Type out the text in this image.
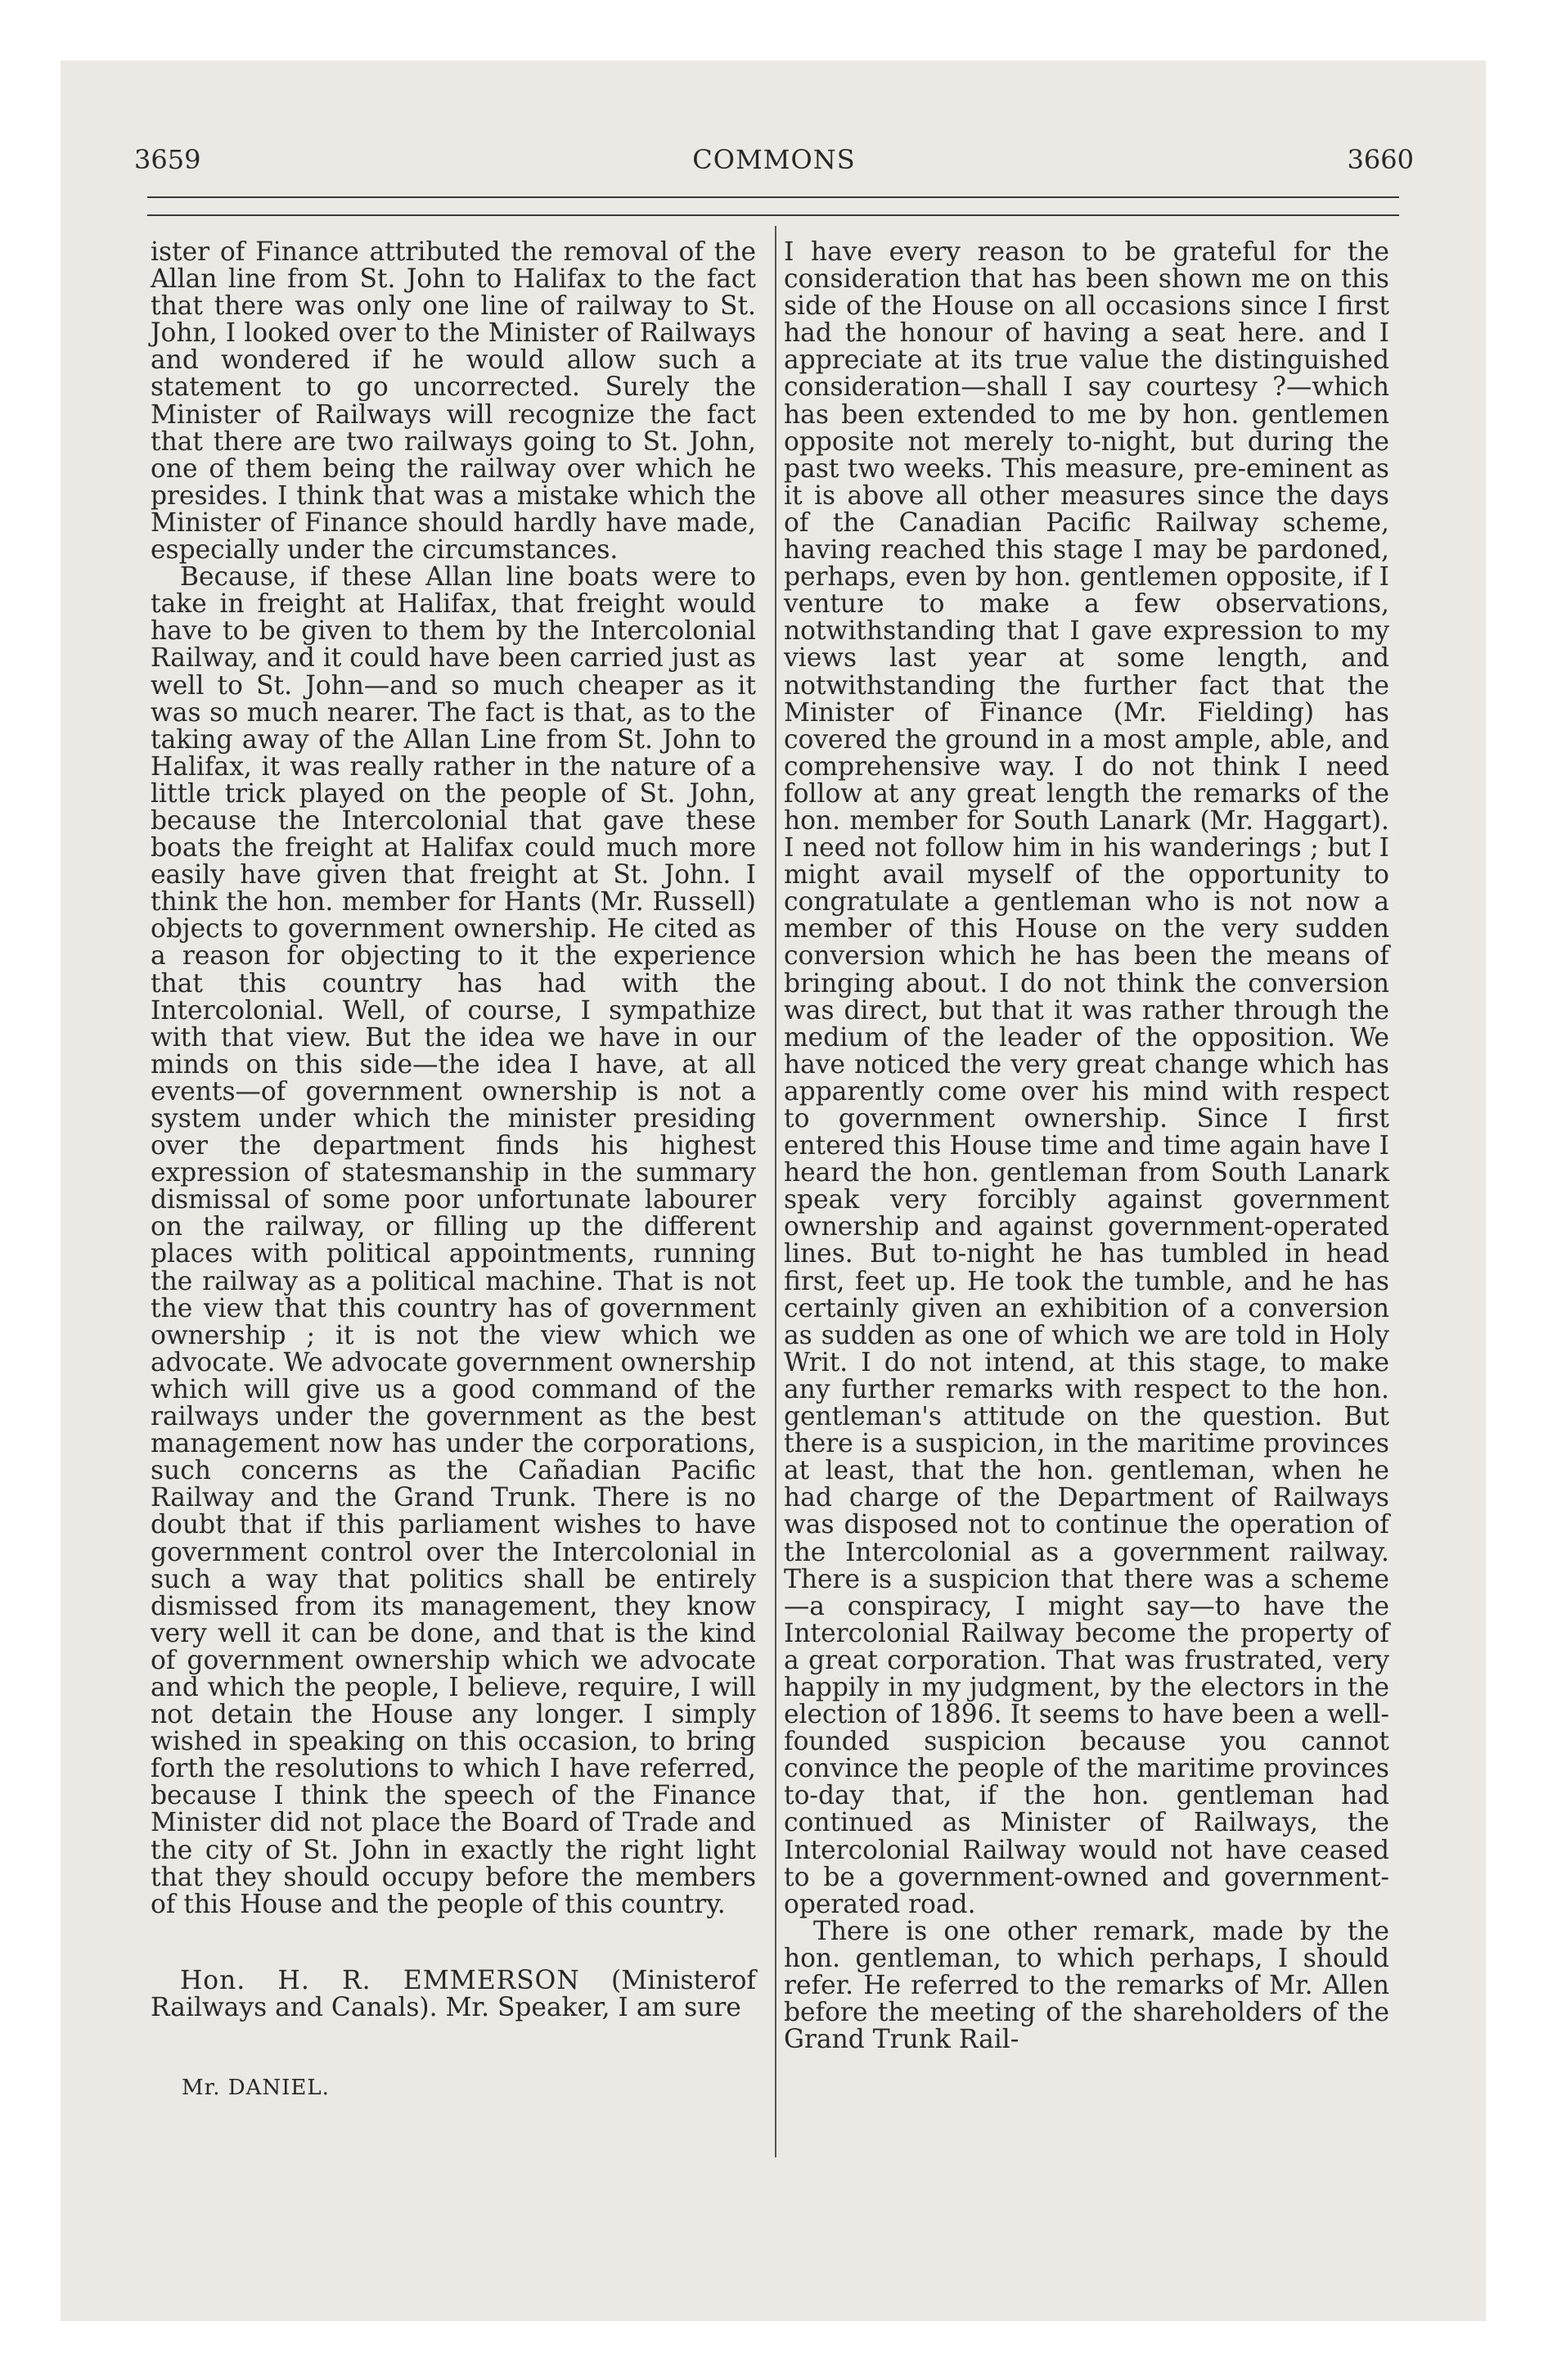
3659	COMMONS	3660

ister of Finance attributed the removal of the Allan line from St. John to Halifax to the fact that there was only one line of railway to St. John, I looked over to the Minister of Railways and wondered if he would allow such a statement to go uncorrected. Surely the Minister of Railways will recognize the fact that there are two railways going to St. John, one of them being the railway over which he presides. I think that was a mistake which the Minister of Finance should hardly have made, especially under the circumstances.

Because, if these Allan line boats were to take in freight at Halifax, that freight would have to be given to them by the Intercolonial Railway, and it could have been carried just as well to St. John—and so much cheaper as it was so much nearer. The fact is that, as to the taking away of the Allan Line from St. John to Halifax, it was really rather in the nature of a little trick played on the people of St. John, because the Intercolonial that gave these boats the freight at Halifax could much more easily have given that freight at St. John. I think the hon. member for Hants (Mr. Russell) objects to government ownership. He cited as a reason for objecting to it the experience that this country has had with the Intercolonial. Well, of course, I sympathize with that view. But the idea we have in our minds on this side—the idea I have, at all events—of government ownership is not a system under which the minister presiding over the department finds his highest expression of statesmanship in the summary dismissal of some poor unfortunate labourer on the railway, or filling up the different places with political appointments, running the railway as a political machine. That is not the view that this country has of government ownership ; it is not the view which we advocate. We advocate government ownership which will give us a good command of the railways under the government as the best management now has under the corporations, such concerns as the Cañadian Pacific Railway and the Grand Trunk. There is no doubt that if this parliament wishes to have government control over the Intercolonial in such a way that politics shall be entirely dismissed from its management, they know very well it can be done, and that is the kind of government ownership which we advocate and which the people, I believe, require, I will not detain the House any longer. I simply wished in speaking on this occasion, to bring forth the resolutions to which I have referred, because I think the speech of the Finance Minister did not place the Board of Trade and the city of St. John in exactly the right light that they should occupy before the members of this House and the people of this country.

Hon. H. R. EMMERSON (Ministerof Railways and Canals). Mr. Speaker, I am sure

Mr. DANIEL.

I have every reason to be grateful for the consideration that has been shown me on this side of the House on all occasions since I first had the honour of having a seat here. and I appreciate at its true value the distinguished consideration—shall I say courtesy ?—which has been extended to me by hon. gentlemen opposite not merely to-night, but during the past two weeks. This measure, pre-eminent as it is above all other measures since the days of the Canadian Pacific Railway scheme, having reached this stage I may be pardoned, perhaps, even by hon. gentlemen opposite, if I venture to make a few observations, notwithstanding that I gave expression to my views last year at some length, and notwithstanding the further fact that the Minister of Finance (Mr. Fielding) has covered the ground in a most ample, able, and comprehensive way. I do not think I need follow at any great length the remarks of the hon. member for South Lanark (Mr. Haggart). I need not follow him in his wanderings ; but I might avail myself of the opportunity to congratulate a gentleman who is not now a member of this House on the very sudden conversion which he has been the means of bringing about. I do not think the conversion was direct, but that it was rather through the medium of the leader of the opposition. We have noticed the very great change which has apparently come over his mind with respect to government ownership. Since I first entered this House time and time again have I heard the hon. gentleman from South Lanark speak very forcibly against government ownership and against government-operated lines. But to-night he has tumbled in head first, feet up. He took the tumble, and he has certainly given an exhibition of a conversion as sudden as one of which we are told in Holy Writ. I do not intend, at this stage, to make any further remarks with respect to the hon. gentleman's attitude on the question. But there is a suspicion, in the maritime provinces at least, that the hon. gentleman, when he had charge of the Department of Railways was disposed not to continue the operation of the Intercolonial as a government railway. There is a suspicion that there was a scheme —a conspiracy, I might say—to have the Intercolonial Railway become the property of a great corporation. That was frustrated, very happily in my judgment, by the electors in the election of 1896. It seems to have been a well-founded suspicion because you cannot convince the people of the maritime provinces to-day that, if the hon. gentleman had continued as Minister of Railways, the Intercolonial Railway would not have ceased to be a government-owned and government-operated road.

There is one other remark, made by the hon. gentleman, to which perhaps, I should refer. He referred to the remarks of Mr. Allen before the meeting of the shareholders of the Grand Trunk Rail-
